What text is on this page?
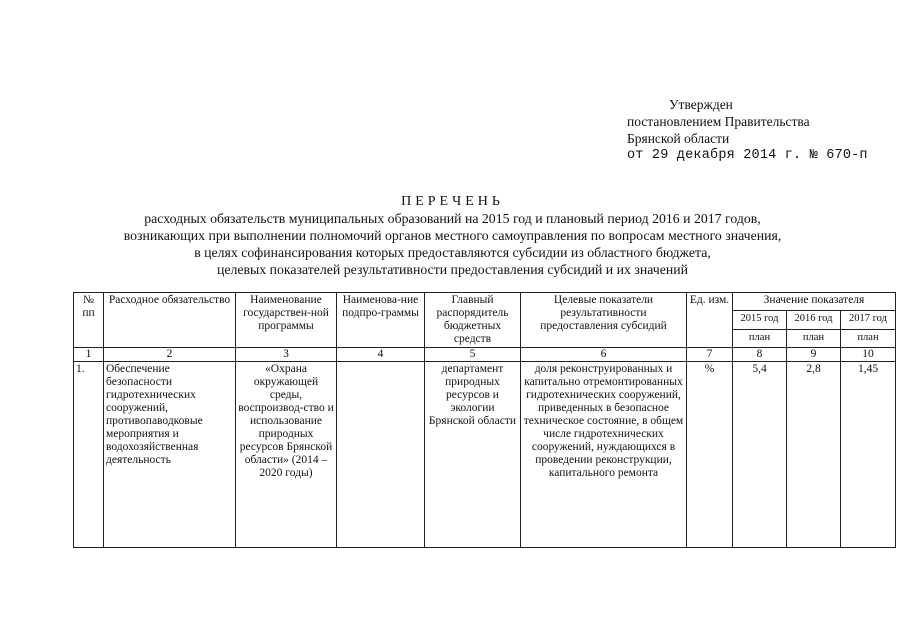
Утвержден
постановлением Правительства
Брянской области
от 29 декабря 2014 г. № 670-п
ПЕРЕЧЕНЬ
расходных обязательств муниципальных образований на 2015 год и плановый период 2016 и 2017 годов,
возникающих при выполнении полномочий органов местного самоуправления по вопросам местного значения,
в целях софинансирования которых предоставляются субсидии из областного бюджета,
целевых показателей результативности предоставления субсидий и их значений
№ пп	Расходное обязательство	Наименование государствен-ной программы	Наименова-ние подпро-граммы	Главный распорядитель бюджетных средств	Целевые показатели результативности предоставления субсидий	Ед. изм.	Значение показателя		
							2015 год	2016 год	2017 год
							план	план	план
1	2	3	4	5	6	7	8	9	10
1.	Обеспечение безопасности гидротехнических сооружений, противопаводковые мероприятия и водохозяйственная деятельность	«Охрана окружающей среды, воспроизвод-ство и использование природных ресурсов Брянской области» (2014 – 2020 годы)		департамент природных ресурсов и экологии Брянской области	доля реконструированных и капитально отремонтированных гидротехнических сооружений, приведенных в безопасное техническое состояние, в общем числе гидротехнических сооружений, нуждающихся в проведении реконструкции, капитального ремонта	%	5,4	2,8	1,45
